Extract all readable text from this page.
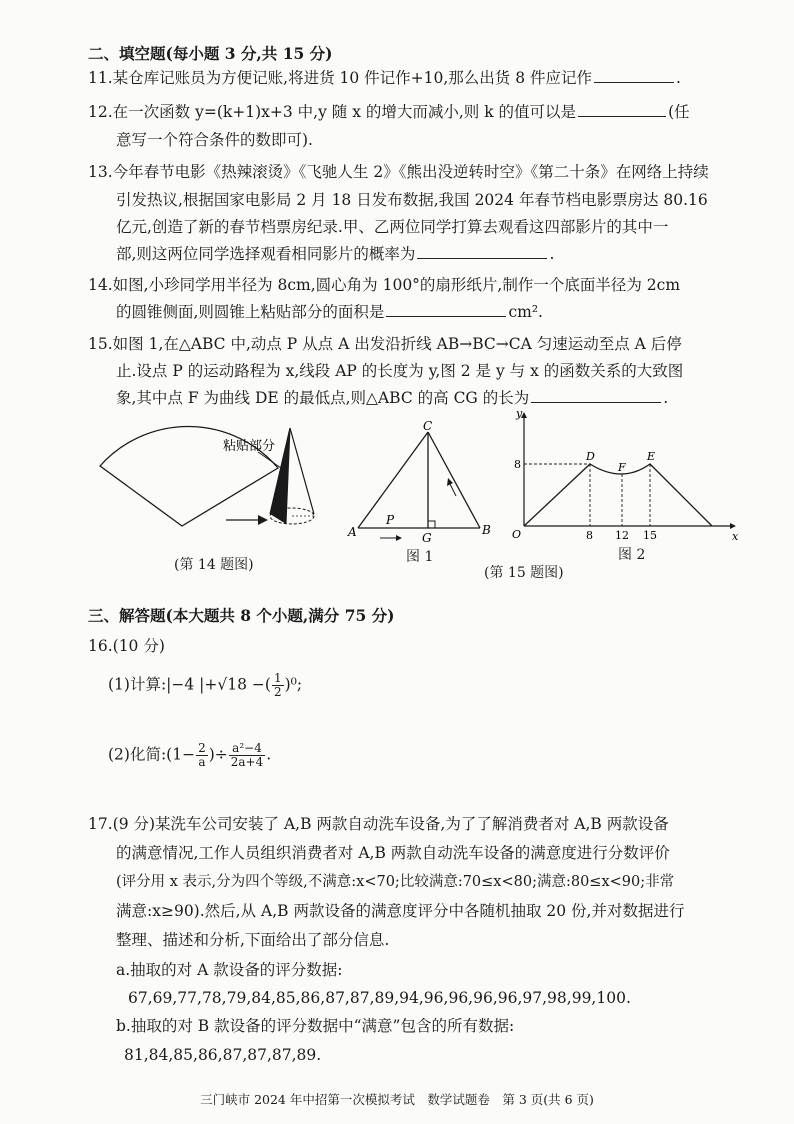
二、填空题(每小题 3 分,共 15 分)
11.某仓库记账员为方便记账,将进货 10 件记作+10,那么出货 8 件应记作	.
12.在一次函数 y=(k+1)x+3 中,y 随 x 的增大而减小,则 k 的值可以是	(任
意写一个符合条件的数即可).
13.今年春节电影《热辣滚烫》《飞驰人生 2》《熊出没逆转时空》《第二十条》在网络上持续
引发热议,根据国家电影局 2 月 18 日发布数据,我国 2024 年春节档电影票房达 80.16
亿元,创造了新的春节档票房纪录.甲、乙两位同学打算去观看这四部影片的其中一
部,则这两位同学选择观看相同影片的概率为	.
14.如图,小珍同学用半径为 8cm,圆心角为 100°的扇形纸片,制作一个底面半径为 2cm
的圆锥侧面,则圆锥上粘贴部分的面积是	cm².
15.如图 1,在△ABC 中,动点 P 从点 A 出发沿折线 AB→BC→CA 匀速运动至点 A 后停
止.设点 P 的运动路程为 x,线段 AP 的长度为 y,图 2 是 y 与 x 的函数关系的大致图
象,其中点 F 为曲线 DE 的最低点,则△ABC 的高 CG 的长为	.
粘贴部分
(第 14 题图)
A	B
C
P
G
图 1
y
x
O
8
8 12 15
D
F
E
图 2
(第 15 题图)
三、解答题(本大题共 8 个小题,满分 75 分)
16.(10 分)
(1)计算:|−4 |+√18 −( $\frac{1}{2} )^0$;
(2)化简:(1− $\frac{2}{a}$ )÷ $\frac{\text{a²−4}}{2a+4}$ .
17.(9 分)某洗车公司安装了 A,B 两款自动洗车设备,为了了解消费者对 A,B 两款设备
的满意情况,工作人员组织消费者对 A,B 两款自动洗车设备的满意度进行分数评价
(评分用 x 表示,分为四个等级,不满意:x<70;比较满意:70≤x<80;满意:80≤x<90;非常
满意:x≥90).然后,从 A,B 两款设备的满意度评分中各随机抽取 20 份,并对数据进行
整理、描述和分析,下面给出了部分信息.
a.抽取的对 A 款设备的评分数据:
67,69,77,78,79,84,85,86,87,87,89,94,96,96,96,96,97,98,99,100.
b.抽取的对 B 款设备的评分数据中“满意”包含的所有数据:
81,84,85,86,87,87,87,89.
三门峡市 2024 年中招第一次模拟考试　数学试题卷　第 3 页(共 6 页)
